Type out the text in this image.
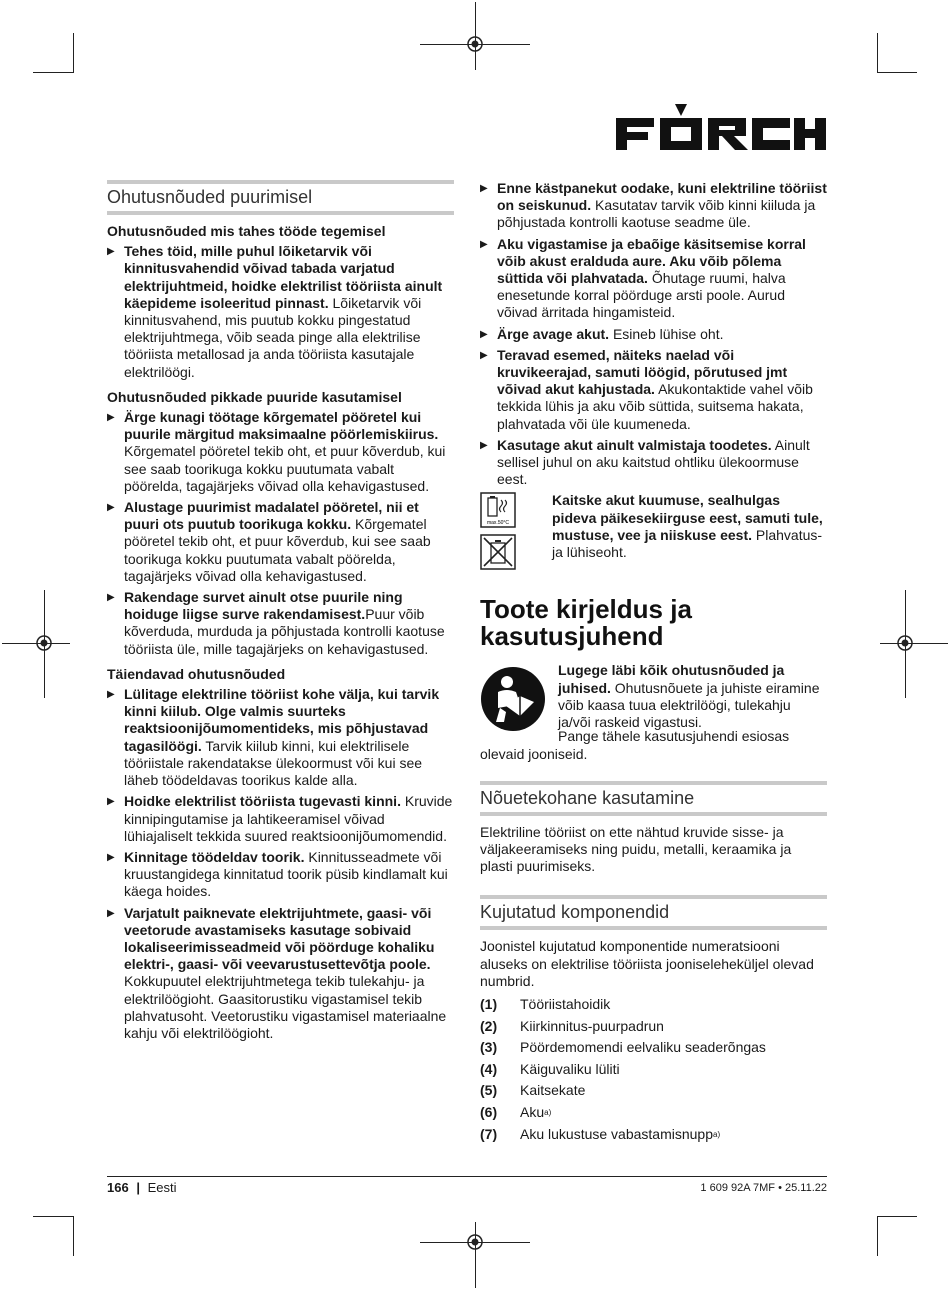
Ohutusnõuded puurimisel
Ohutusnõuded mis tahes tööde tegemisel
▶ Tehes töid, mille puhul lõiketarvik või kinnitusvahendid võivad tabada varjatud elektrijuhtmeid, hoidke elektrilist tööriista ainult käepideme isoleeritud pinnast. Lõiketarvik või kinnitusvahend, mis puutub kokku pingestatud elektrijuhtmega, võib seada pinge alla elektrilise tööriista metallosad ja anda tööriista kasutajale elektrilöögi.
Ohutusnõuded pikkade puuride kasutamisel
▶ Ärge kunagi töötage kõrgematel pööretel kui puurile märgitud maksimaalne pöörlemiskiirus. Kõrgematel pööretel tekib oht, et puur kõverdub, kui see saab toorikuga kokku puutumata vabalt pöörelda, tagajärjeks võivad olla kehavigastused.
▶ Alustage puurimist madalatel pööretel, nii et puuri ots puutub toorikuga kokku. Kõrgematel pööretel tekib oht, et puur kõverdub, kui see saab toorikuga kokku puutumata vabalt pöörelda, tagajärjeks võivad olla kehavigastused.
▶ Rakendage survet ainult otse puurile ning hoiduge liigse surve rakendamisest.Puur võib kõverduda, murduda ja põhjustada kontrolli kaotuse tööriista üle, mille tagajärjeks on kehavigastused.
Täiendavad ohutusnõuded
▶ Lülitage elektriline tööriist kohe välja, kui tarvik kinni kiilub. Olge valmis suurteks reaktsioonijõumomentideks, mis põhjustavad tagasilöögi. Tarvik kiilub kinni, kui elektrilisele tööriistale rakendatakse ülekoormust või kui see läheb töödeldavas toorikus kalde alla.
▶ Hoidke elektrilist tööriista tugevasti kinni. Kruvide kinnipingutamise ja lahtikeeramisel võivad lühiajaliselt tekkida suured reaktsioonijõumomendid.
▶ Kinnitage töödeldav toorik. Kinnitusseadmete või kruustangidega kinnitatud toorik püsib kindlamalt kui käega hoides.
▶ Varjatult paiknevate elektrijuhtmete, gaasi- või veetorude avastamiseks kasutage sobivaid lokaliseerimisseadmeid või pöörduge kohaliku elektri-, gaasi- või veevarustusettevõtja poole. Kokkupuutel elektrijuhtmetega tekib tulekahju- ja elektrilöögioht. Gaasitorustiku vigastamisel tekib plahvatusoht. Veetorustiku vigastamisel materiaalne kahju või elektrilöögioht.
▶ Enne kästpanekut oodake, kuni elektriline tööriist on seiskunud. Kasutatav tarvik võib kinni kiiluda ja põhjustada kontrolli kaotuse seadme üle.
▶ Aku vigastamise ja ebaõige käsitsemise korral võib akust eralduda aure. Aku võib põlema süttida või plahvatada. Õhutage ruumi, halva enesetunde korral pöörduge arsti poole. Aurud võivad ärritada hingamisteid.
▶ Ärge avage akut. Esineb lühise oht.
▶ Teravad esemed, näiteks naelad või kruvikeerajad, samuti löögid, põrutused jmt võivad akut kahjustada. Akukontaktide vahel võib tekkida lühis ja aku võib süttida, suitsema hakata, plahvatada või üle kuumeneda.
▶ Kasutage akut ainult valmistaja toodetes. Ainult sellisel juhul on aku kaitstud ohtliku ülekoormuse eest.
max.50°C
Kaitske akut kuumuse, sealhulgas pideva päikesekiirguse eest, samuti tule, mustuse, vee ja niiskuse eest. Plahvatus- ja lühiseoht.
Toote kirjeldus ja kasutusjuhend
Lugege läbi kõik ohutusnõuded ja juhised. Ohutusnõuete ja juhiste eiramine võib kaasa tuua elektrilöögi, tulekahju ja/või raskeid vigastusi.

Pange tähele kasutusjuhendi esiosas olevaid jooniseid.

Nõuetekohane kasutamine

Elektriline tööriist on ette nähtud kruvide sisse- ja väljakeeramiseks ning puidu, metalli, keraamika ja plasti puurimiseks.

Kujutatud komponendid

Joonistel kujutatud komponentide numeratsiooni aluseks on elektrilise tööriista jooniseleheküljel olevad numbrid.

(1)	Tööriistahoidik
(2)	Kiirkinnitus-puurpadrun
(3)	Pöördemomendi eelvaliku seaderõngas
(4)	Käiguvaliku lüliti
(5)	Kaitsekate
(6)	Aku a)
(7)	Aku lukustuse vabastamisnupp a)
166 | Eesti	1 609 92A 7MF • 25.11.22
